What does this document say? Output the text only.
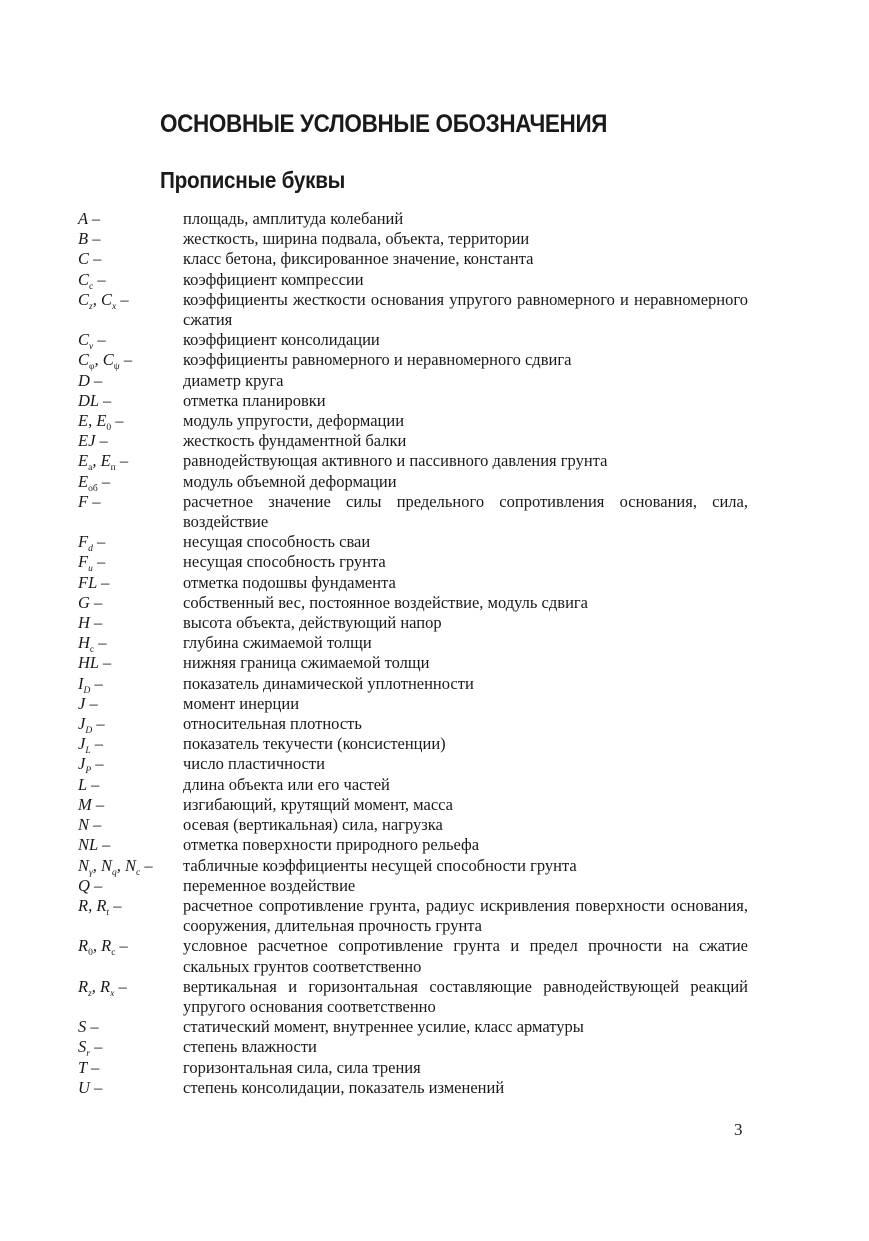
ОСНОВНЫЕ УСЛОВНЫЕ ОБОЗНАЧЕНИЯ
Прописные буквы
A –	площадь, амплитуда колебаний
B –	жесткость, ширина подвала, объекта, территории
C –	класс бетона, фиксированное значение, константа
$C_c$ –	коэффициент компрессии
$C_z$, $C_x$ –	коэффициенты жесткости основания упругого равномерного и неравномерного сжатия
$C_v$ –	коэффициент консолидации
$C_\varphi$, $C_\psi$ –	коэффициенты равномерного и неравномерного сдвига
D –	диаметр круга
DL –	отметка планировки
E, $E_0$ –	модуль упругости, деформации
EJ –	жесткость фундаментной балки
$E_a$, $E_п$ –	равнодействующая активного и пассивного давления грунта
$E_{об}$ –	модуль объемной деформации
F –	расчетное значение силы предельного сопротивления основания, сила, воздействие
$F_d$ –	несущая способность сваи
$F_u$ –	несущая способность грунта
FL –	отметка подошвы фундамента
G –	собственный вес, постоянное воздействие, модуль сдвига
H –	высота объекта, действующий напор
$H_c$ –	глубина сжимаемой толщи
HL –	нижняя граница сжимаемой толщи
$I_D$ –	показатель динамической уплотненности
J –	момент инерции
$J_D$ –	относительная плотность
$J_L$ –	показатель текучести (консистенции)
$J_P$ –	число пластичности
L –	длина объекта или его частей
M –	изгибающий, крутящий момент, масса
N –	осевая (вертикальная) сила, нагрузка
NL –	отметка поверхности природного рельефа
$N_\gamma$, $N_q$, $N_c$ –	табличные коэффициенты несущей способности грунта
Q –	переменное воздействие
R, $R_t$ –	расчетное сопротивление грунта, радиус искривления поверхности основания, сооружения, длительная прочность грунта
$R_0$, $R_c$ –	условное расчетное сопротивление грунта и предел прочности на сжатие скальных грунтов соответственно
$R_z$, $R_x$ –	вертикальная и горизонтальная составляющие равнодействующей реакций упругого основания соответственно
S –	статический момент, внутреннее усилие, класс арматуры
$S_r$ –	степень влажности
T –	горизонтальная сила, сила трения
U –	степень консолидации, показатель изменений
3
